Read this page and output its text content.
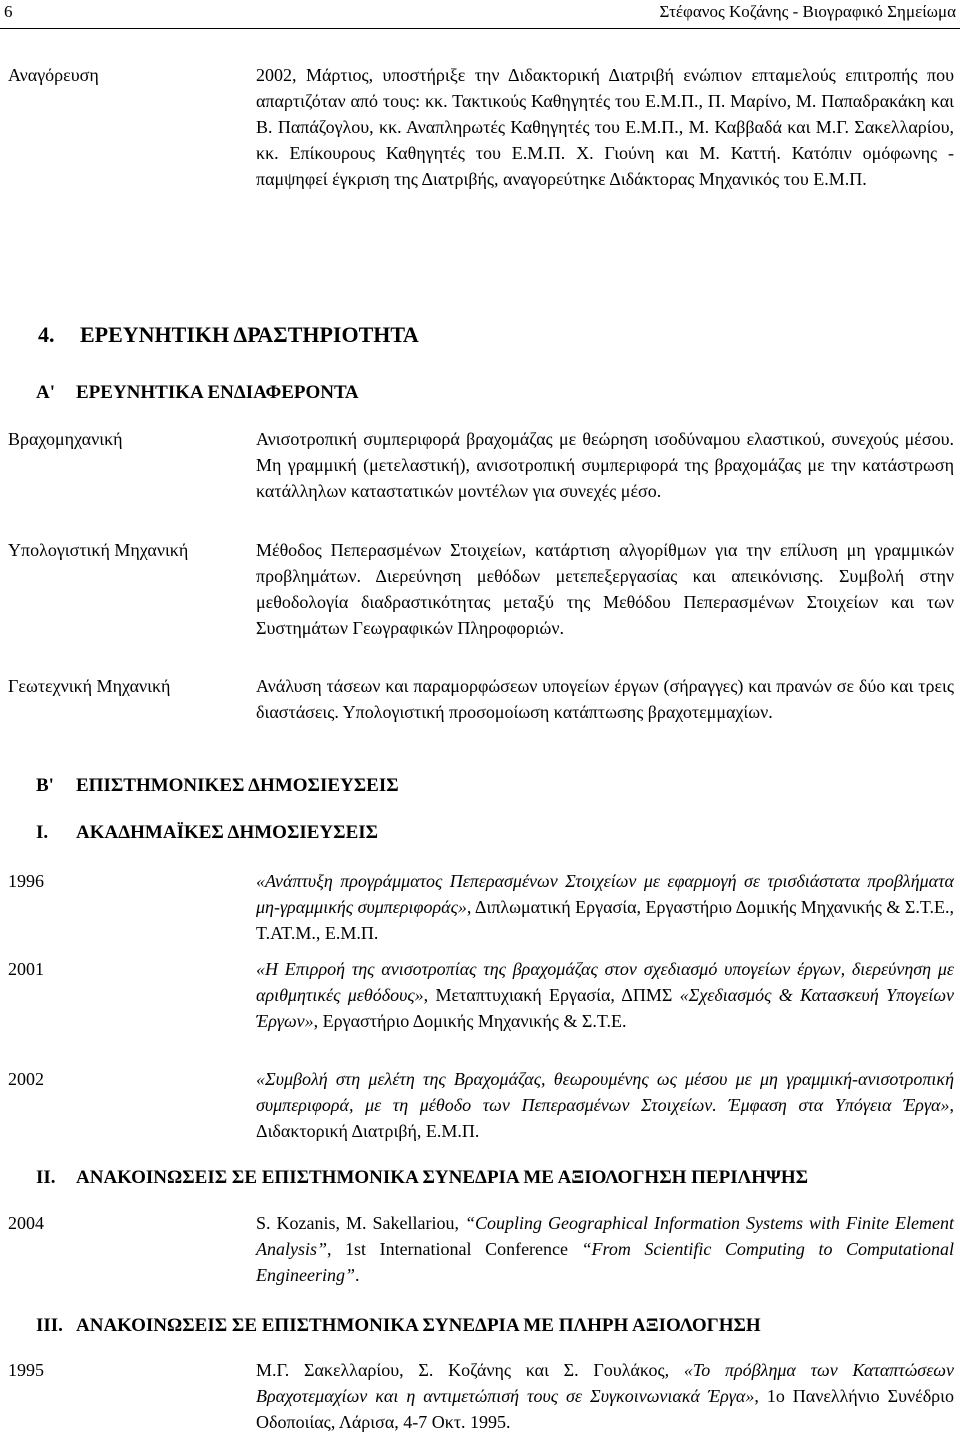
6	Στέφανος Κοζάνης - Βιογραφικό Σημείωμα
Αναγόρευση	2002, Μάρτιος, υποστήριξε την Διδακτορική Διατριβή ενώπιον επταμελούς επιτροπής που απαρτιζόταν από τους: κκ. Τακτικούς Καθηγητές του Ε.Μ.Π., Π. Μαρίνο, Μ. Παπαδρακάκη και Β. Παπάζογλου, κκ. Αναπληρωτές Καθηγητές του Ε.Μ.Π., Μ. Καββαδά και Μ.Γ. Σακελλαρίου, κκ. Επίκουρους Καθηγητές του Ε.Μ.Π. Χ. Γιούνη και Μ. Καττή. Κατόπιν ομόφωνης - παμψηφεί έγκριση της Διατριβής, αναγορεύτηκε Διδάκτορας Μηχανικός του Ε.Μ.Π.

4. ΕΡΕΥΝΗΤΙΚΗ ΔΡΑΣΤΗΡΙΟΤΗΤΑ
Α' ΕΡΕΥΝΗΤΙΚΑ ΕΝΔΙΑΦΕΡΟΝΤΑ
Βραχομηχανική	Ανισοτροπική συμπεριφορά βραχομάζας με θεώρηση ισοδύναμου ελαστικού, συνεχούς μέσου. Μη γραμμική (μετελαστική), ανισοτροπική συμπεριφορά της βραχομάζας με την κατάστρωση κατάλληλων καταστατικών μοντέλων για συνεχές μέσο.

Υπολογιστική Μηχανική	Μέθοδος Πεπερασμένων Στοιχείων, κατάρτιση αλγορίθμων για την επίλυση μη γραμμικών προβλημάτων. Διερεύνηση μεθόδων μετεπεξεργασίας και απεικόνισης. Συμβολή στην μεθοδολογία διαδραστικότητας μεταξύ της Μεθόδου Πεπερασμένων Στοιχείων και των Συστημάτων Γεωγραφικών Πληροφοριών.

Γεωτεχνική Μηχανική	Ανάλυση τάσεων και παραμορφώσεων υπογείων έργων (σήραγγες) και πρανών σε δύο και τρεις διαστάσεις. Υπολογιστική προσομοίωση κατάπτωσης βραχοτεμμαχίων.

Β' ΕΠΙΣΤΗΜΟΝΙΚΕΣ ΔΗΜΟΣΙΕΥΣΕΙΣ
Ι. ΑΚΑΔΗΜΑΪΚΕΣ ΔΗΜΟΣΙΕΥΣΕΙΣ
1996	«Ανάπτυξη προγράμματος Πεπερασμένων Στοιχείων με εφαρμογή σε τρισδιάστατα προβλήματα μη-γραμμικής συμπεριφοράς», Διπλωματική Εργασία, Εργαστήριο Δομικής Μηχανικής & Σ.Τ.Ε., Τ.ΑΤ.Μ., Ε.Μ.Π.

2001	«Η Επιρροή της ανισοτροπίας της βραχομάζας στον σχεδιασμό υπογείων έργων, διερεύνηση με αριθμητικές μεθόδους», Μεταπτυχιακή Εργασία, ΔΠΜΣ «Σχεδιασμός & Κατασκευή Υπογείων Έργων», Εργαστήριο Δομικής Μηχανικής & Σ.Τ.Ε.

2002	«Συμβολή στη μελέτη της Βραχομάζας, θεωρουμένης ως μέσου με μη γραμμική-ανισοτροπική συμπεριφορά, με τη μέθοδο των Πεπερασμένων Στοιχείων. Έμφαση στα Υπόγεια Έργα», Διδακτορική Διατριβή, Ε.Μ.Π.

ΙΙ. ΑΝΑΚΟΙΝΩΣΕΙΣ ΣΕ ΕΠΙΣΤΗΜΟΝΙΚΑ ΣΥΝΕΔΡΙΑ ΜΕ ΑΞΙΟΛΟΓΗΣΗ ΠΕΡΙΛΗΨΗΣ
2004	S. Kozanis, M. Sakellariou, “Coupling Geographical Information Systems with Finite Element Analysis”, 1st International Conference “From Scientific Computing to Computational Engineering”.

ΙΙΙ. ΑΝΑΚΟΙΝΩΣΕΙΣ ΣΕ ΕΠΙΣΤΗΜΟΝΙΚΑ ΣΥΝΕΔΡΙΑ ΜΕ ΠΛΗΡΗ ΑΞΙΟΛΟΓΗΣΗ
1995	Μ.Γ. Σακελλαρίου, Σ. Κοζάνης και Σ. Γουλάκος, «Το πρόβλημα των Καταπτώσεων Βραχοτεμαχίων και η αντιμετώπισή τους σε Συγκοινωνιακά Έργα», 1ο Πανελλήνιο Συνέδριο Οδοποιίας, Λάρισα, 4-7 Οκτ. 1995.
